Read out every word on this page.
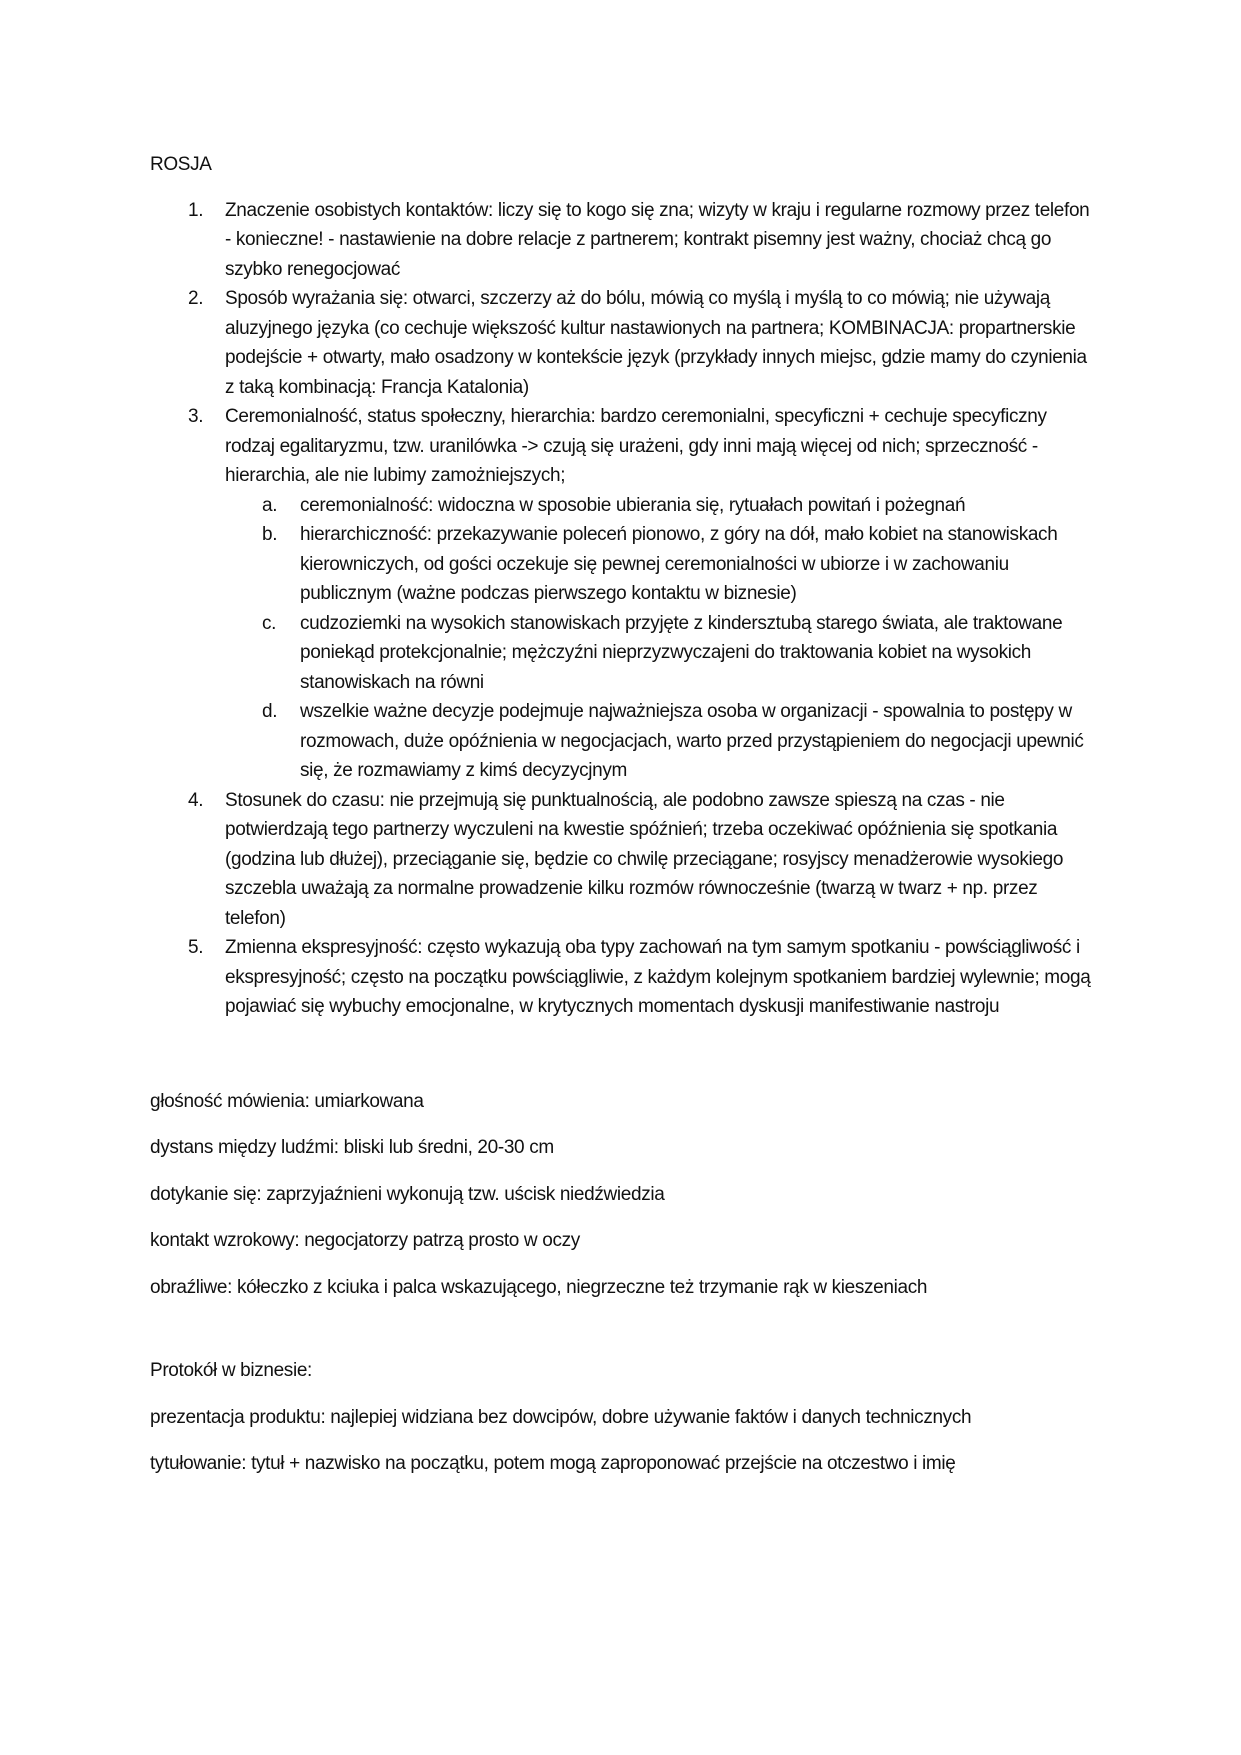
ROSJA
1. Znaczenie osobistych kontaktów: liczy się to kogo się zna; wizyty w kraju i regularne rozmowy przez telefon - konieczne! - nastawienie na dobre relacje z partnerem; kontrakt pisemny jest ważny, chociaż chcą go szybko renegocjować
2. Sposób wyrażania się: otwarci, szczerzy aż do bólu, mówią co myślą i myślą to co mówią; nie używają aluzyjnego języka (co cechuje większość kultur nastawionych na partnera; KOMBINACJA: propartnerskie podejście + otwarty, mało osadzony w kontekście język (przykłady innych miejsc, gdzie mamy do czynienia z taką kombinacją: Francja Katalonia)
3. Ceremonialność, status społeczny, hierarchia: bardzo ceremonialni, specyficzni + cechuje specyficzny rodzaj egalitaryzmu, tzw. uranilówka -> czują się urażeni, gdy inni mają więcej od nich; sprzeczność - hierarchia, ale nie lubimy zamożniejszych;
a. ceremonialność: widoczna w sposobie ubierania się, rytuałach powitań i pożegnań
b. hierarchiczność: przekazywanie poleceń pionowo, z góry na dół, mało kobiet na stanowiskach kierowniczych, od gości oczekuje się pewnej ceremonialności w ubiorze i w zachowaniu publicznym (ważne podczas pierwszego kontaktu w biznesie)
c. cudzoziemki na wysokich stanowiskach przyjęte z kindersztubą starego świata, ale traktowane poniekąd protekcjonalnie; mężczyźni nieprzyzwyczajeni do traktowania kobiet na wysokich stanowiskach na równi
d. wszelkie ważne decyzje podejmuje najważniejsza osoba w organizacji - spowalnia to postępy w rozmowach, duże opóźnienia w negocjacjach, warto przed przystąpieniem do negocjacji upewnić się, że rozmawiamy z kimś decyzycjnym
4. Stosunek do czasu: nie przejmują się punktualnością, ale podobno zawsze spieszą na czas - nie potwierdzają tego partnerzy wyczuleni na kwestie spóźnień; trzeba oczekiwać opóźnienia się spotkania (godzina lub dłużej), przeciąganie się, będzie co chwilę przeciągane; rosyjscy menadżerowie wysokiego szczebla uważają za normalne prowadzenie kilku rozmów równocześnie (twarzą w twarz + np. przez telefon)
5. Zmienna ekspresyjność: często wykazują oba typy zachowań na tym samym spotkaniu - powściągliwość i ekspresyjność; często na początku powściągliwie, z każdym kolejnym spotkaniem bardziej wylewnie; mogą pojawiać się wybuchy emocjonalne, w krytycznych momentach dyskusji manifestiwanie nastroju

głośność mówienia: umiarkowana

dystans między ludźmi: bliski lub średni, 20-30 cm

dotykanie się: zaprzyjaźnieni wykonują tzw. uścisk niedźwiedzia

kontakt wzrokowy: negocjatorzy patrzą prosto w oczy

obraźliwe: kółeczko z kciuka i palca wskazującego, niegrzeczne też trzymanie rąk w kieszeniach

Protokół w biznesie:

prezentacja produktu: najlepiej widziana bez dowcipów, dobre używanie faktów i danych technicznych

tytułowanie: tytuł + nazwisko na początku, potem mogą zaproponować przejście na otczestwo i imię
